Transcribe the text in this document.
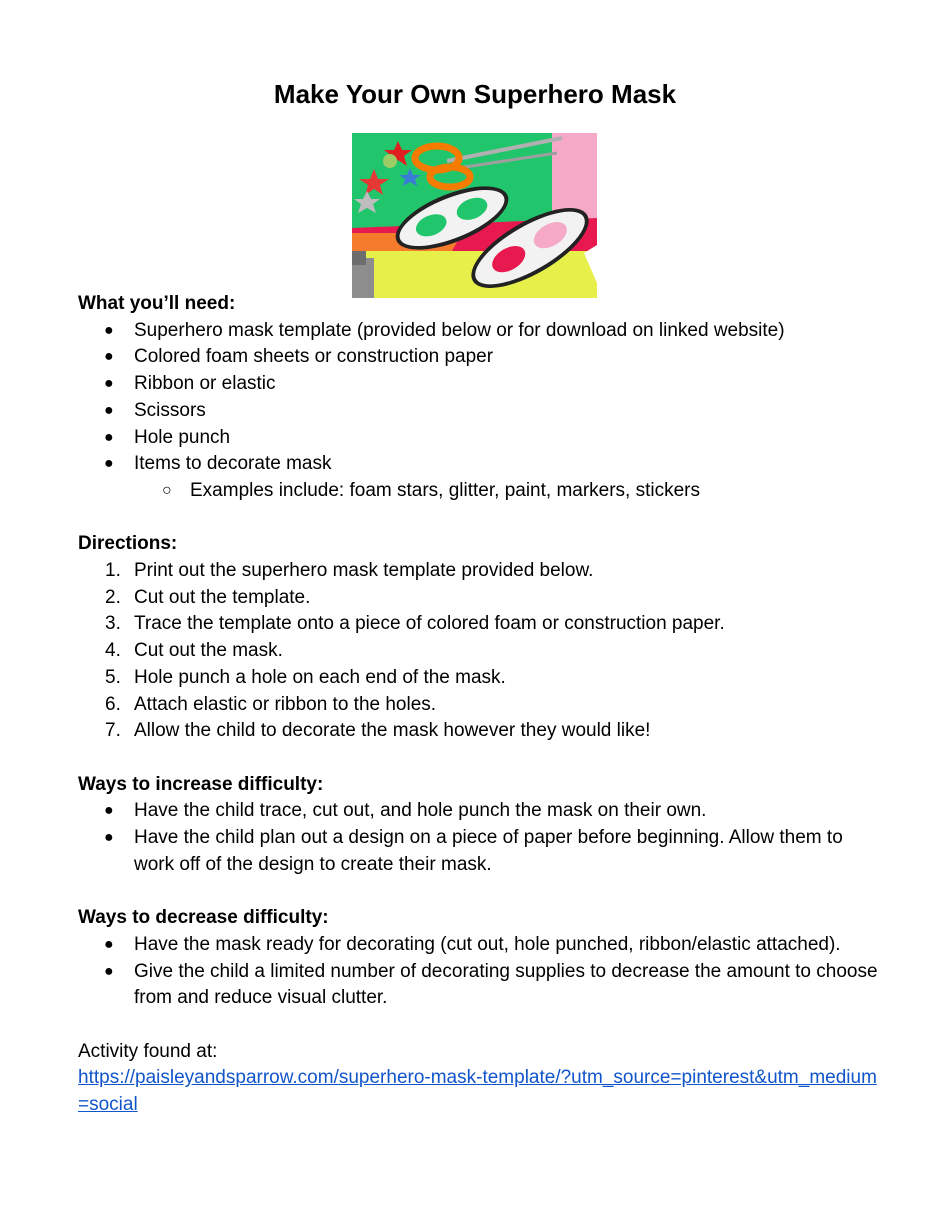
Make Your Own Superhero Mask

What you’ll need:

● Superhero mask template (provided below or for download on linked website)
● Colored foam sheets or construction paper
● Ribbon or elastic
● Scissors
● Hole punch
● Items to decorate mask
○ Examples include: foam stars, glitter, paint, markers, stickers

Directions:

1. Print out the superhero mask template provided below.
2. Cut out the template.
3. Trace the template onto a piece of colored foam or construction paper.
4. Cut out the mask.
5. Hole punch a hole on each end of the mask.
6. Attach elastic or ribbon to the holes.
7. Allow the child to decorate the mask however they would like!

Ways to increase difficulty:

● Have the child trace, cut out, and hole punch the mask on their own.
● Have the child plan out a design on a piece of paper before beginning. Allow them to work off of the design to create their mask.

Ways to decrease difficulty:

● Have the mask ready for decorating (cut out, hole punched, ribbon/elastic attached).
● Give the child a limited number of decorating supplies to decrease the amount to choose from and reduce visual clutter.

Activity found at:

https://paisleyandsparrow.com/superhero-mask-template/?utm_source=pinterest&utm_medium=social
